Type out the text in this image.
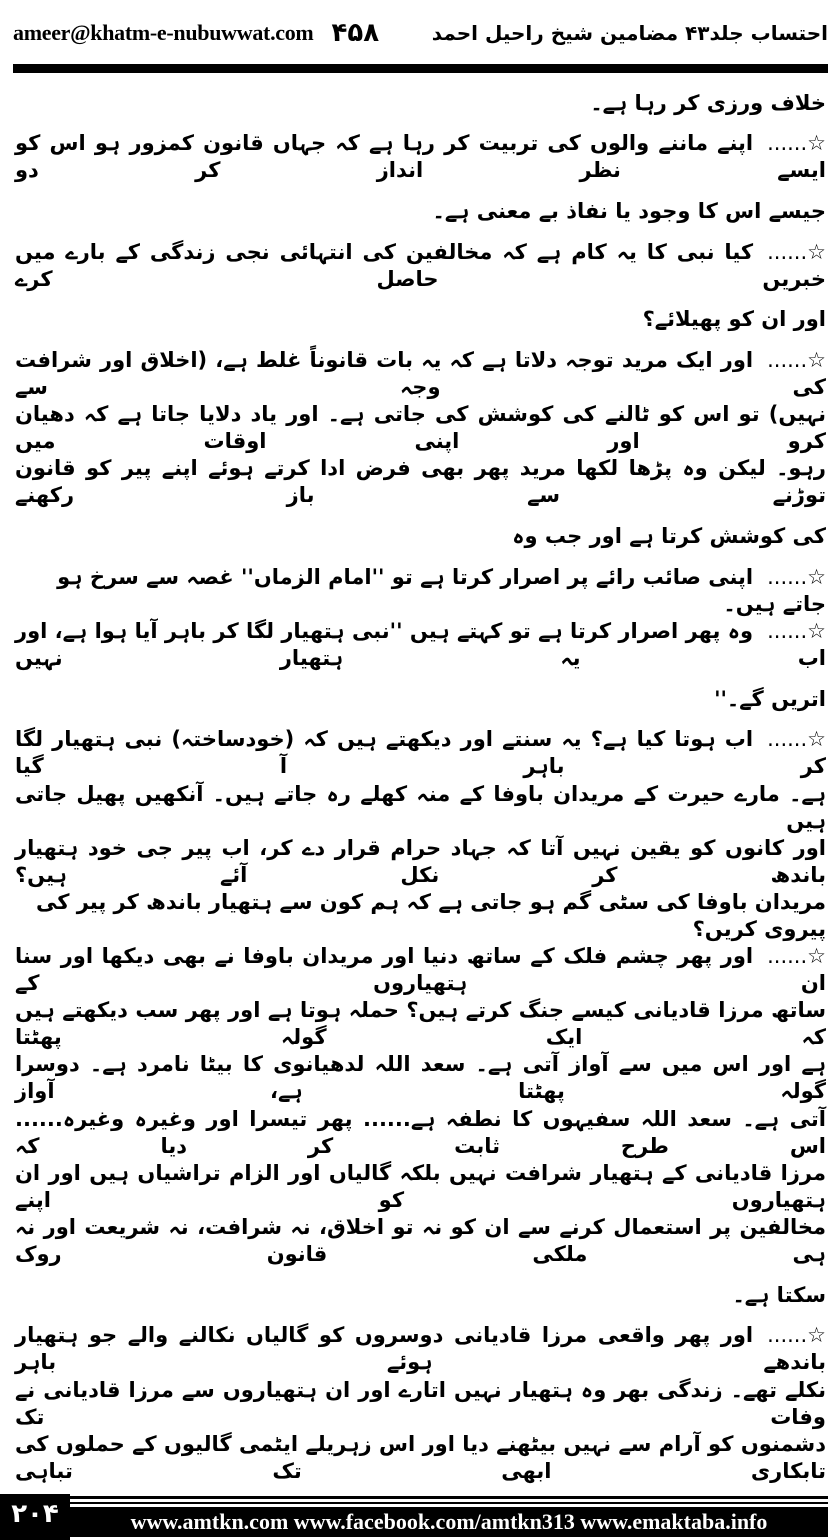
ameer@khatm-e-nubuwwat.com ۴۵۸	احتساب جلد۴۳ مضامین شیخ راحیل احمد
خلاف ورزی کر رہا ہے۔
☆......اپنے ماننے والوں کی تربیت کر رہا ہے کہ جہاں قانون کمزور ہو اس کو ایسے نظر انداز کر دو
جیسے اس کا وجود یا نفاذ بے معنی ہے۔
☆......کیا نبی کا یہ کام ہے کہ مخالفین کی انتہائی نجی زندگی کے بارے میں خبریں حاصل کرے
اور ان کو پھیلائے؟
☆......اور ایک مرید توجہ دلاتا ہے کہ یہ بات قانوناً غلط ہے، (اخلاق اور شرافت کی وجہ سے
نہیں) تو اس کو ٹالنے کی کوشش کی جاتی ہے۔ اور یاد دلایا جاتا ہے کہ دھیان کرو اور اپنی اوقات میں
رہو۔ لیکن وہ پڑھا لکھا مرید پھر بھی فرض ادا کرتے ہوئے اپنے پیر کو قانون توڑنے سے باز رکھنے
کی کوشش کرتا ہے اور جب وہ
☆......اپنی صائب رائے پر اصرار کرتا ہے تو ''امام الزماں'' غصہ سے سرخ ہو جاتے ہیں۔
☆......وہ پھر اصرار کرتا ہے تو کہتے ہیں ''نبی ہتھیار لگا کر باہر آیا ہوا ہے، اور اب یہ ہتھیار نہیں
اتریں گے۔''
☆......اب ہوتا کیا ہے؟ یہ سنتے اور دیکھتے ہیں کہ (خودساختہ) نبی ہتھیار لگا کر باہر آ گیا
ہے۔ مارے حیرت کے مریدان باوفا کے منہ کھلے رہ جاتے ہیں۔ آنکھیں پھیل جاتی ہیں
اور کانوں کو یقین نہیں آتا کہ جہاد حرام قرار دے کر، اب پیر جی خود ہتھیار باندھ کر نکل آئے ہیں؟
مریدان باوفا کی سٹی گم ہو جاتی ہے کہ ہم کون سے ہتھیار باندھ کر پیر کی پیروی کریں؟
☆......اور پھر چشم فلک کے ساتھ دنیا اور مریدان باوفا نے بھی دیکھا اور سنا ان ہتھیاروں کے
ساتھ مرزا قادیانی کیسے جنگ کرتے ہیں؟ حملہ ہوتا ہے اور پھر سب دیکھتے ہیں کہ ایک گولہ پھٹتا
ہے اور اس میں سے آواز آتی ہے۔ سعد اللہ لدھیانوی کا بیٹا نامرد ہے۔ دوسرا گولہ پھٹتا ہے، آواز
آتی ہے۔ سعد اللہ سفیہوں کا نطفہ ہے...... پھر تیسرا اور وغیرہ وغیرہ...... اس طرح ثابت کر دیا کہ
مرزا قادیانی کے ہتھیار شرافت نہیں بلکہ گالیاں اور الزام تراشیاں ہیں اور ان ہتھیاروں کو اپنے
مخالفین پر استعمال کرنے سے ان کو نہ تو اخلاق، نہ شرافت، نہ شریعت اور نہ ہی ملکی قانون روک
سکتا ہے۔
☆......اور پھر واقعی مرزا قادیانی دوسروں کو گالیاں نکالنے والے جو ہتھیار باندھے ہوئے باہر
نکلے تھے۔ زندگی بھر وہ ہتھیار نہیں اتارے اور ان ہتھیاروں سے مرزا قادیانی نے وفات تک
دشمنوں کو آرام سے نہیں بیٹھنے دیا اور اس زہریلے ایٹمی گالیوں کے حملوں کی تابکاری ابھی تک تباہی
۲۰۴	www.amtkn.com www.facebook.com/amtkn313 www.emaktaba.info
